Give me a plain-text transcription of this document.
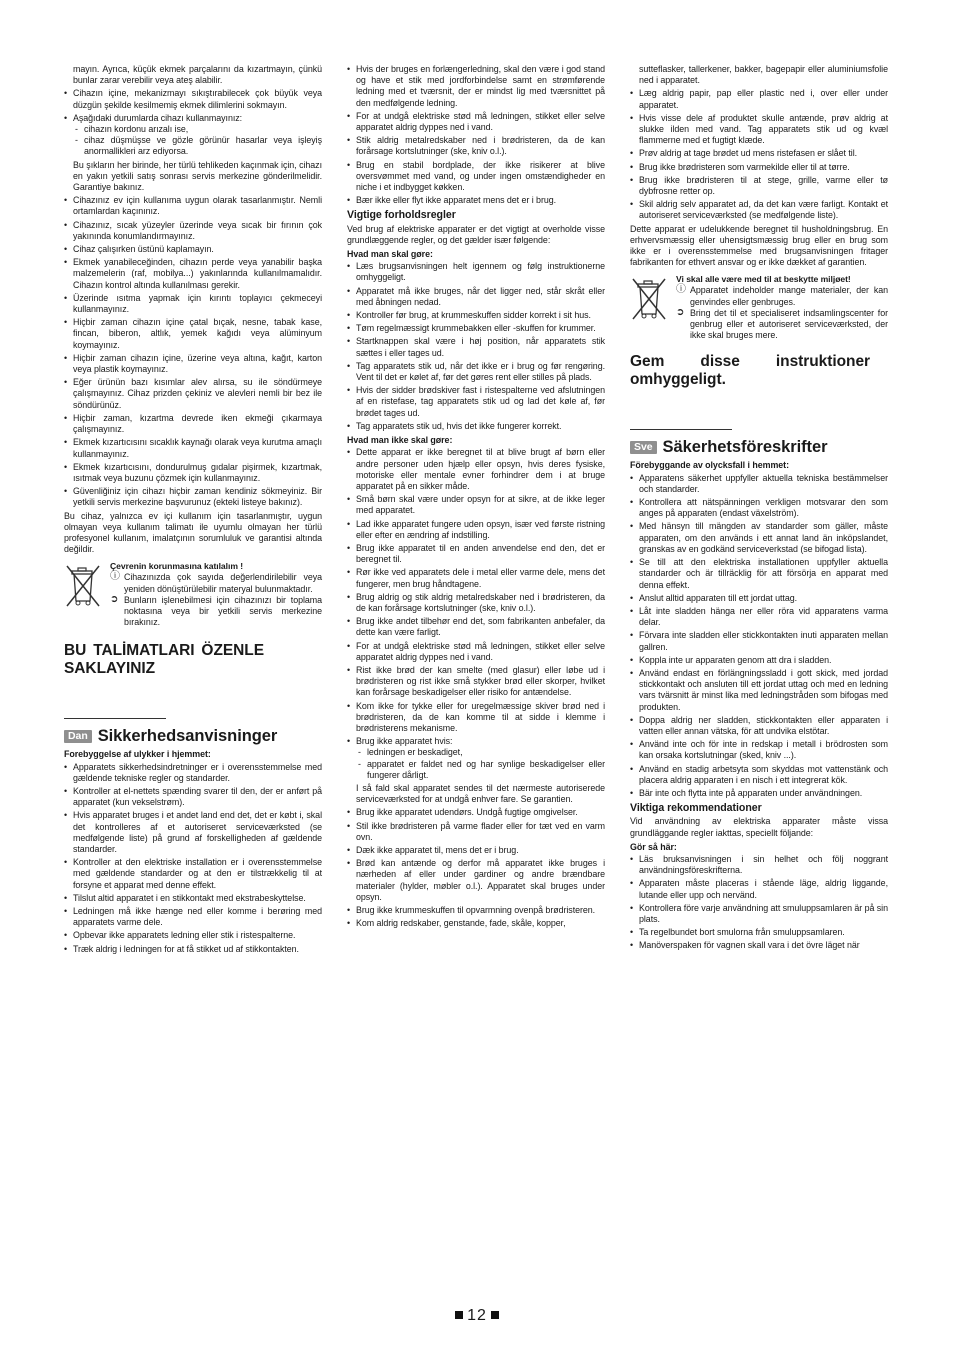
mayın. Ayrıca, küçük ekmek parçalarını da kızartmayın, çünkü bunlar zarar verebilir veya ateş alabilir.

• Cihazın içine, mekanizmayı sıkıştırabilecek çok büyük veya düzgün şekilde kesilmemiş ekmek dilimlerini sokmayın.
• Aşağıdaki durumlarda cihazı kullanmayınız:
- cihazın kordonu arızalı ise,
- cihaz düşmüşse ve gözle görünür hasarlar veya işleyiş anormallikleri arz ediyorsa.

Bu şıkların her birinde, her türlü tehlikeden kaçınmak için, cihazı en yakın yetkili satış sonrası servis merkezine gönderilmelidir. Garantiye bakınız.

• Cihazınız ev için kullanıma uygun olarak tasarlanmıştır. Nemli ortamlardan kaçınınız.
• Cihazınız, sıcak yüzeyler üzerinde veya sıcak bir fırının çok yakınında konumlandırmayınız.
• Cihaz çalışırken üstünü kaplamayın.
• Ekmek yanabileceğinden, cihazın perde veya yanabilir başka malzemelerin (raf, mobilya...) yakınlarında kullanılmamalıdır. Cihazın kontrol altında kullanılması gerekir.
• Üzerinde ısıtma yapmak için kırıntı toplayıcı çekmeceyi kullanmayınız.
• Hiçbir zaman cihazın içine çatal bıçak, nesne, tabak kase, fincan, biberon, altlık, yemek kağıdı veya alüminyum koymayınız.
• Hiçbir zaman cihazın içine, üzerine veya altına, kağıt, karton veya plastik koymayınız.
• Eğer ürünün bazı kısımlar alev alırsa, su ile söndürmeye çalışmayınız. Cihaz prizden çekiniz ve alevleri nemli bir bez ile söndürünüz.
• Hiçbir zaman, kızartma devrede iken ekmeği çıkarmaya çalışmayınız.
• Ekmek kızartıcısını sıcaklık kaynağı olarak veya kurutma amaçlı kullanmayınız.
• Ekmek kızartıcısını, dondurulmuş gıdalar pişirmek, kızartmak, ısıtmak veya buzunu çözmek için kullanmayınız.
• Güvenliğiniz için cihazı hiçbir zaman kendiniz sökmeyiniz. Bir yetkili servis merkezine başvurunuz (ekteki listeye bakınız).

Bu cihaz, yalnızca ev içi kullanım için tasarlanmıştır, uygun olmayan veya kullanım talimatı ile uyumlu olmayan her türlü profesyonel kullanım, imalatçının sorumluluk ve garantisi altında değildir.

Çevrenin korunmasına katılalım !
ⓘ Cihazınızda çok sayıda değerlendirilebilir veya yeniden dönüştürülebilir materyal bulunmaktadır.
➲ Bunların işlenebilmesi için cihazınızı bir toplama noktasına veya bir yetkili servis merkezine bırakınız.

BU TALİMATLARI ÖZENLE SAKLAYINIZ

Dan Sikkerhedsanvisninger
Forebyggelse af ulykker i hjemmet:
• Apparatets sikkerhedsindretninger er i overensstemmelse med gældende tekniske regler og standarder.
• Kontroller at el-nettets spænding svarer til den, der er anført på apparatet (kun vekselstrøm).
• Hvis apparatet bruges i et andet land end det, det er købt i, skal det kontrolleres af et autoriseret serviceværksted (se medfølgende liste) på grund af forskelligheden af gældende standarder.
• Kontroller at den elektriske installation er i overensstemmelse med gældende standarder og at den er tilstrækkelig til at forsyne et apparat med denne effekt.
• Tilslut altid apparatet i en stikkontakt med ekstrabeskyttelse.
• Ledningen må ikke hænge ned eller komme i berøring med apparatets varme dele.
• Opbevar ikke apparatets ledning eller stik i ristespalterne.
• Træk aldrig i ledningen for at få stikket ud af stikkontakten.
• Hvis der bruges en forlængerledning, skal den være i god stand og have et stik med jordforbindelse samt en strømførende ledning med et tværsnit, der er mindst lig med tværsnittet på den medfølgende ledning.
• For at undgå elektriske stød må ledningen, stikket eller selve apparatet aldrig dyppes ned i vand.
• Stik aldrig metalredskaber ned i brødristeren, da de kan forårsage kortslutninger (ske, kniv o.l.).
• Brug en stabil bordplade, der ikke risikerer at blive oversvømmet med vand, og under ingen omstændigheder en niche i et indbygget køkken.
• Bær ikke eller flyt ikke apparatet mens det er i brug.
Vigtige forholdsregler

Ved brug af elektriske apparater er det vigtigt at overholde visse grundlæggende regler, og det gælder især følgende:

Hvad man skal gøre:
• Læs brugsanvisningen helt igennem og følg instruktionerne omhyggeligt.
• Apparatet må ikke bruges, når det ligger ned, står skråt eller med åbningen nedad.
• Kontroller før brug, at krummeskuffen sidder korrekt i sit hus.
• Tøm regelmæssigt krummebakken eller -skuffen for krummer.
• Startknappen skal være i høj position, når apparatets stik sættes i eller tages ud.
• Tag apparatets stik ud, når det ikke er i brug og før rengøring. Vent til det er kølet af, før det gøres rent eller stilles på plads.
• Hvis der sidder brødskiver fast i ristespalterne ved afslutningen af en ristefase, tag apparatets stik ud og lad det køle af, før brødet tages ud.
• Tag apparatets stik ud, hvis det ikke fungerer korrekt.
Hvad man ikke skal gøre:
• Dette apparat er ikke beregnet til at blive brugt af børn eller andre personer uden hjælp eller opsyn, hvis deres fysiske, motoriske eller mentale evner forhindrer dem i at bruge apparatet på en sikker måde.
• Små børn skal være under opsyn for at sikre, at de ikke leger med apparatet.
• Lad ikke apparatet fungere uden opsyn, især ved første ristning eller efter en ændring af indstilling.
• Brug ikke apparatet til en anden anvendelse end den, det er beregnet til.
• Rør ikke ved apparatets dele i metal eller varme dele, mens det fungerer, men brug håndtagene.
• Brug aldrig og stik aldrig metalredskaber ned i brødristeren, da de kan forårsage kortslutninger (ske, kniv o.l.).
• Brug ikke andet tilbehør end det, som fabrikanten anbefaler, da dette kan være farligt.
• For at undgå elektriske stød må ledningen, stikket eller selve apparatet aldrig dyppes ned i vand.
• Rist ikke brød der kan smelte (med glasur) eller løbe ud i brødristeren og rist ikke små stykker brød eller skorper, hvilket kan forårsage beskadigelser eller risiko for antændelse.
• Kom ikke for tykke eller for uregelmæssige skiver brød ned i brødristeren, da de kan komme til at sidde i klemme i brødristerens mekanisme.
• Brug ikke apparatet hvis:
- ledningen er beskadiget,
- apparatet er faldet ned og har synlige beskadigelser eller fungerer dårligt.

I så fald skal apparatet sendes til det nærmeste autoriserede serviceværksted for at undgå enhver fare. Se garantien.

• Brug ikke apparatet udendørs. Undgå fugtige omgivelser.
• Stil ikke brødristeren på varme flader eller for tæt ved en varm ovn.
• Dæk ikke apparatet til, mens det er i brug.
• Brød kan antænde og derfor må apparatet ikke bruges i nærheden af eller under gardiner og andre brændbare materialer (hylder, møbler o.l.). Apparatet skal bruges under opsyn.
• Brug ikke krummeskuffen til opvarmning ovenpå brødristeren.
• Kom aldrig redskaber, genstande, fade, skåle, kopper,

sutteflasker, tallerkener, bakker, bagepapir eller aluminiumsfolie ned i apparatet.

• Læg aldrig papir, pap eller plastic ned i, over eller under apparatet.
• Hvis visse dele af produktet skulle antænde, prøv aldrig at slukke ilden med vand. Tag apparatets stik ud og kvæl flammerne med et fugtigt klæde.
• Prøv aldrig at tage brødet ud mens ristefasen er slået til.
• Brug ikke brødristeren som varmekilde eller til at tørre.
• Brug ikke brødristeren til at stege, grille, varme eller tø dybfrosne retter op.
• Skil aldrig selv apparatet ad, da det kan være farligt. Kontakt et autoriseret serviceværksted (se medfølgende liste).

Dette apparat er udelukkende beregnet til husholdningsbrug. En erhvervsmæssig eller uhensigtsmæssig brug eller en brug som ikke er i overensstemmelse med brugsanvisningen fritager fabrikanten for ethvert ansvar og er ikke dækket af garantien.

Vi skal alle være med til at beskytte miljøet!
ⓘ Apparatet indeholder mange materialer, der kan genvindes eller genbruges.
➲ Bring det til et specialiseret indsamlingscenter for genbrug eller et autoriseret serviceværksted, der ikke skal bruges mere.

Gem disse instruktioner omhyggeligt.

Sve Säkerhetsföreskrifter
Förebyggande av olycksfall i hemmet:
• Apparatens säkerhet uppfyller aktuella tekniska bestämmelser och standarder.
• Kontrollera att nätspänningen verkligen motsvarar den som anges på apparaten (endast växelström).
• Med hänsyn till mängden av standarder som gäller, måste apparaten, om den används i ett annat land än inköpslandet, granskas av en godkänd serviceverkstad (se bifogad lista).
• Se till att den elektriska installationen uppfyller aktuella standarder och är tillräcklig för att försörja en apparat med denna effekt.
• Anslut alltid apparaten till ett jordat uttag.
• Låt inte sladden hänga ner eller röra vid apparatens varma delar.
• Förvara inte sladden eller stickkontakten inuti apparaten mellan gallren.
• Koppla inte ur apparaten genom att dra i sladden.
• Använd endast en förlängningssladd i gott skick, med jordad stickkontakt och ansluten till ett jordat uttag och med en ledning vars tvärsnitt är minst lika med ledningstråden som bifogas med produkten.
• Doppa aldrig ner sladden, stickkontakten eller apparaten i vatten eller annan vätska, för att undvika elstötar.
• Använd inte och för inte in redskap i metall i brödrosten som kan orsaka kortslutningar (sked, kniv ...).
• Använd en stadig arbetsyta som skyddas mot vattenstänk och placera aldrig apparaten i en nisch i ett integrerat kök.
• Bär inte och flytta inte på apparaten under användningen.
Viktiga rekommendationer

Vid användning av elektriska apparater måste vissa grundläggande regler iakttas, speciellt följande:

Gör så här:
• Läs bruksanvisningen i sin helhet och följ noggrant användningsföreskrifterna.
• Apparaten måste placeras i stående läge, aldrig liggande, lutande eller upp och nervänd.
• Kontrollera före varje användning att smuluppsamlaren är på sin plats.
• Ta regelbundet bort smulorna från smuluppsamlaren.
• Manöverspaken för vagnen skall vara i det övre läget när
12
